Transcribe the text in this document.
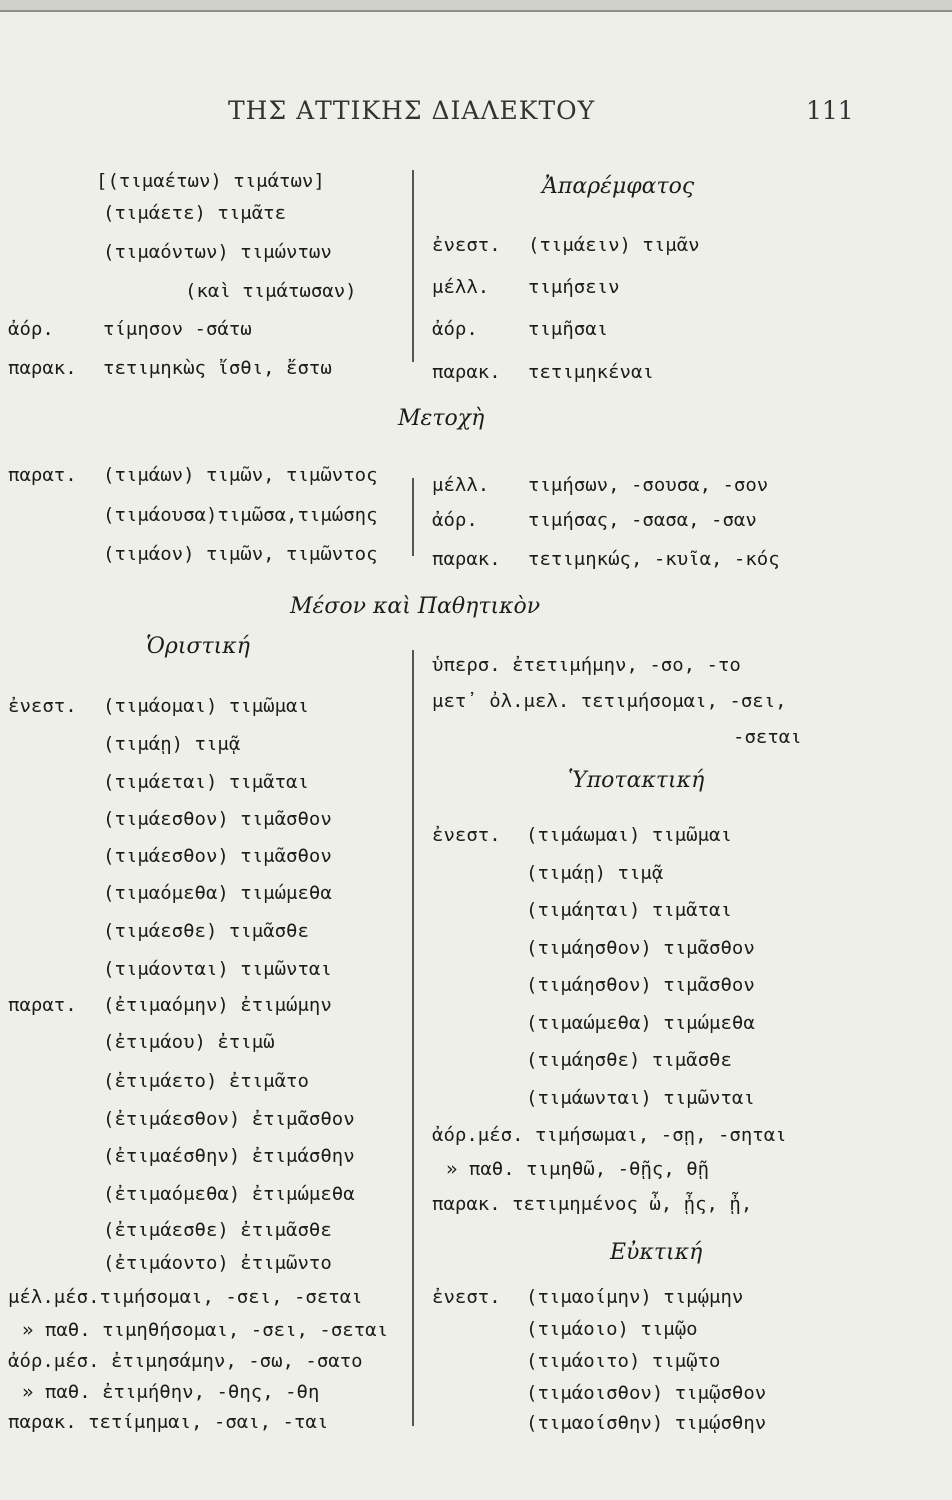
ΤΗΣ ΑΤΤΙΚΗΣ ΔΙΑΛΕΚΤΟΥ	111
[(τιμαέτων) τιμάτων]
(τιμάετε) τιμᾶτε
(τιμαόντων) τιμώντων
(καὶ τιμάτωσαν)
ἀόρ.	τίμησον -σάτω
παρακ. τετιμηκὼς ἴσθι, ἔστω
Ἀπαρέμφατος
ἐνεστ. (τιμάειν) τιμᾶν
μέλλ. τιμήσειν
ἀόρ.	τιμῆσαι
παρακ. τετιμηκέναι
Μετοχὴ
παρατ. (τιμάων) τιμῶν, τιμῶντος
(τιμάουσα)τιμῶσα,τιμώσης
(τιμάον) τιμῶν, τιμῶντος
μέλλ. τιμήσων, -σουσα, -σον
ἀόρ.	τιμήσας, -σασα, -σαν
παρακ. τετιμηκώς, -κυῖα, -κός
Μέσον καὶ Παθητικὸν
Ὁριστική
ἐνεστ. (τιμάομαι) τιμῶμαι
(τιμάῃ) τιμᾷ
(τιμάεται) τιμᾶται
(τιμάεσθον) τιμᾶσθον
(τιμάεσθον) τιμᾶσθον
(τιμαόμεθα) τιμώμεθα
(τιμάεσθε) τιμᾶσθε
(τιμάονται) τιμῶνται
παρατ. (ἐτιμαόμην) ἐτιμώμην
(ἐτιμάου) ἐτιμῶ
(ἐτιμάετο) ἐτιμᾶτο
(ἐτιμάεσθον) ἐτιμᾶσθον
(ἐτιμαέσθην) ἐτιμάσθην
(ἐτιμαόμεθα) ἐτιμώμεθα
(ἐτιμάεσθε) ἐτιμᾶσθε
(ἐτιμάοντο) ἐτιμῶντο
μέλ.μέσ.τιμήσομαι, -σει, -σεται
» παθ. τιμηθήσομαι, -σει, -σεται
ἀόρ.μέσ. ἐτιμησάμην, -σω, -σατο
» παθ. ἐτιμήθην, -θης, -θη
παρακ. τετίμημαι, -σαι, -ται
ὑπερσ. ἐτετιμήμην, -σο, -το
μετ᾽ ὀλ.μελ. τετιμήσομαι, -σει,
-σεται
Ὑποτακτική
ἐνεστ. (τιμάωμαι) τιμῶμαι
(τιμάῃ) τιμᾷ
(τιμάηται) τιμᾶται
(τιμάησθον) τιμᾶσθον
(τιμάησθον) τιμᾶσθον
(τιμαώμεθα) τιμώμεθα
(τιμάησθε) τιμᾶσθε
(τιμάωνται) τιμῶνται
ἀόρ.μέσ. τιμήσωμαι, -σῃ, -σηται
» παθ. τιμηθῶ, -θῇς, θῇ
παρακ. τετιμημένος ὦ, ᾖς, ᾖ,
Εὐκτική
ἐνεστ. (τιμαοίμην) τιμῴμην
(τιμάοιο) τιμῷο
(τιμάοιτο) τιμῷτο
(τιμάοισθον) τιμῷσθον
(τιμαοίσθην) τιμῴσθην
